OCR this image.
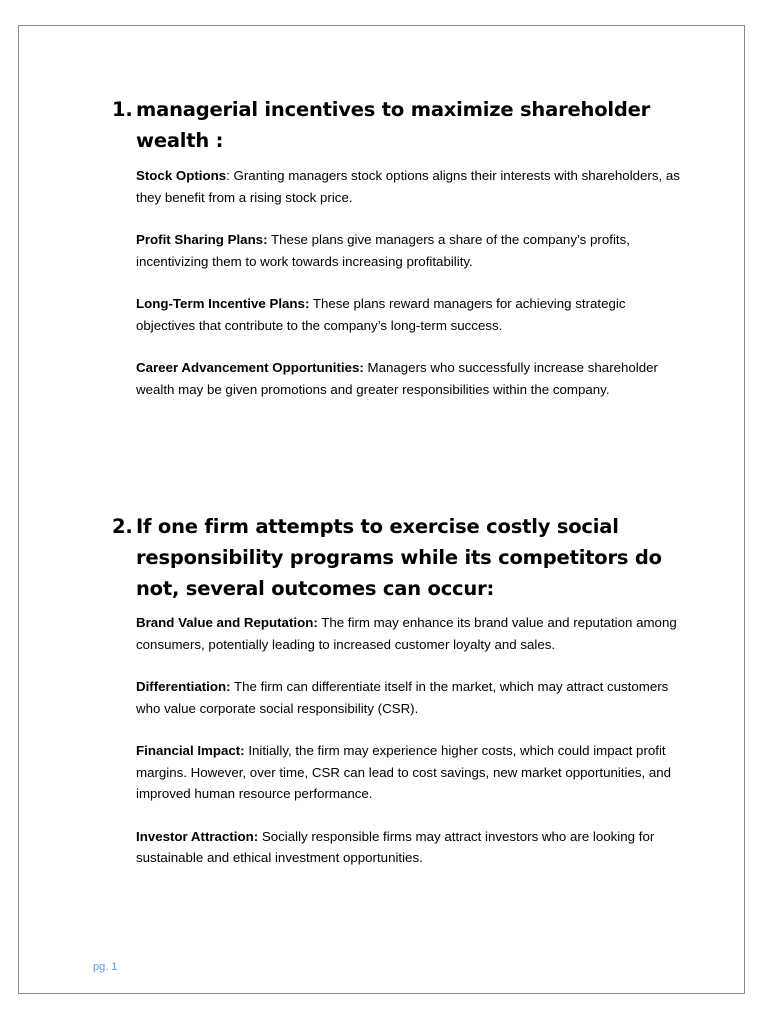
1. managerial incentives to maximize shareholder wealth :

Stock Options: Granting managers stock options aligns their interests with shareholders, as they benefit from a rising stock price.

Profit Sharing Plans: These plans give managers a share of the company’s profits, incentivizing them to work towards increasing profitability.

Long-Term Incentive Plans: These plans reward managers for achieving strategic objectives that contribute to the company’s long-term success.

Career Advancement Opportunities: Managers who successfully increase shareholder wealth may be given promotions and greater responsibilities within the company.

2. If one firm attempts to exercise costly social responsibility programs while its competitors do not, several outcomes can occur:

Brand Value and Reputation: The firm may enhance its brand value and reputation among consumers, potentially leading to increased customer loyalty and sales.

Differentiation: The firm can differentiate itself in the market, which may attract customers who value corporate social responsibility (CSR).

Financial Impact: Initially, the firm may experience higher costs, which could impact profit margins. However, over time, CSR can lead to cost savings, new market opportunities, and improved human resource performance.

Investor Attraction: Socially responsible firms may attract investors who are looking for sustainable and ethical investment opportunities.

pg. 1
